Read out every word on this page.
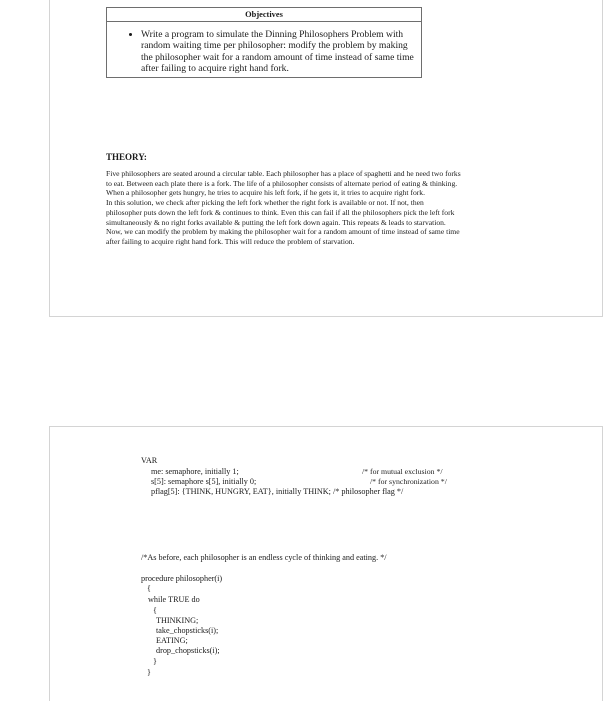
Objectives

• Write a program to simulate the Dinning Philosophers Problem with random waiting time per philosopher: modify the problem by making the philosopher wait for a random amount of time instead of same time after failing to acquire right hand fork.
THEORY:

Five philosophers are seated around a circular table. Each philosopher has a place of spaghetti and he need two forks to eat. Between each plate there is a fork. The life of a philosopher consists of alternate period of eating & thinking. When a philosopher gets hungry, he tries to acquire his left fork, if he gets it, it tries to acquire right fork.

In this solution, we check after picking the left fork whether the right fork is available or not. If not, then philosopher puts down the left fork & continues to think. Even this can fail if all the philosophers pick the left fork simultaneously & no right forks available & putting the left fork down again. This repeats & leads to starvation.

Now, we can modify the problem by making the philosopher wait for a random amount of time instead of same time after failing to acquire right hand fork. This will reduce the problem of starvation.

VAR
me: semaphore, initially 1;	/* for mutual exclusion */
s[5]: semaphore s[5], initially 0;	/* for synchronization */
pflag[5]: {THINK, HUNGRY, EAT}, initially THINK; /* philosopher flag */
/*As before, each philosopher is an endless cycle of thinking and eating. */
procedure philosopher(i)
{
while TRUE do
{
THINKING;
take_chopsticks(i);
EATING;
drop_chopsticks(i);
}
}
